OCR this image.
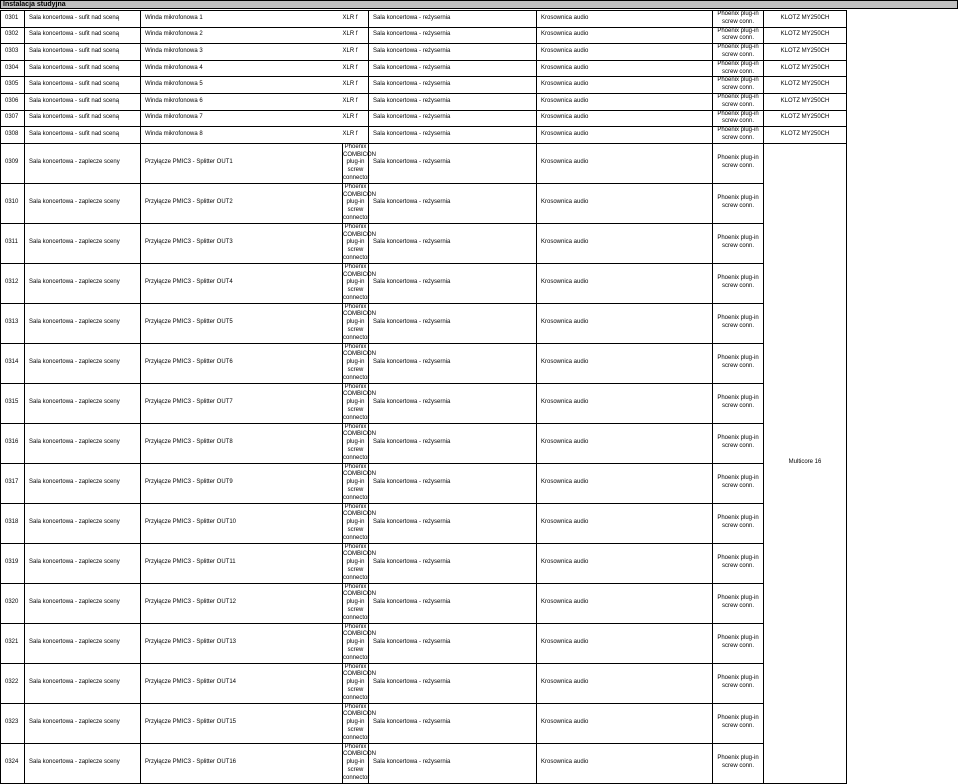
Instalacja studyjna
0301	Sala koncertowa - sufit nad sceną	Winda mikrofonowa 1		XLR f	Sala koncertowa - reżysernia	Krosownica audio	Phoenix plug-in screw conn.	KLOTZ MY250CH	
0302	Sala koncertowa - sufit nad sceną	Winda mikrofonowa 2		XLR f	Sala koncertowa - reżysernia	Krosownica audio	Phoenix plug-in screw conn.	KLOTZ MY250CH	
0303	Sala koncertowa - sufit nad sceną	Winda mikrofonowa 3		XLR f	Sala koncertowa - reżysernia	Krosownica audio	Phoenix plug-in screw conn.	KLOTZ MY250CH	
0304	Sala koncertowa - sufit nad sceną	Winda mikrofonowa 4		XLR f	Sala koncertowa - reżysernia	Krosownica audio	Phoenix plug-in screw conn.	KLOTZ MY250CH	
0305	Sala koncertowa - sufit nad sceną	Winda mikrofonowa 5		XLR f	Sala koncertowa - reżysernia	Krosownica audio	Phoenix plug-in screw conn.	KLOTZ MY250CH	
0306	Sala koncertowa - sufit nad sceną	Winda mikrofonowa 6		XLR f	Sala koncertowa - reżysernia	Krosownica audio	Phoenix plug-in screw conn.	KLOTZ MY250CH	
0307	Sala koncertowa - sufit nad sceną	Winda mikrofonowa 7		XLR f	Sala koncertowa - reżysernia	Krosownica audio	Phoenix plug-in screw conn.	KLOTZ MY250CH	
0308	Sala koncertowa - sufit nad sceną	Winda mikrofonowa 8		XLR f	Sala koncertowa - reżysernia	Krosownica audio	Phoenix plug-in screw conn.	KLOTZ MY250CH	
0309	Sala koncertowa - zaplecze sceny	Przyłącze PMIC3 - Splitter OUT1		Phoenix COMBICON plug-in screw connector	Sala koncertowa - reżysernia	Krosownica audio	Phoenix plug-in screw conn.	Multicore 16	
0310	Sala koncertowa - zaplecze sceny	Przyłącze PMIC3 - Splitter OUT2		Phoenix COMBICON plug-in screw connector	Sala koncertowa - reżysernia	Krosownica audio	Phoenix plug-in screw conn.		
0311	Sala koncertowa - zaplecze sceny	Przyłącze PMIC3 - Splitter OUT3		Phoenix COMBICON plug-in screw connector	Sala koncertowa - reżysernia	Krosownica audio	Phoenix plug-in screw conn.		
0312	Sala koncertowa - zaplecze sceny	Przyłącze PMIC3 - Splitter OUT4		Phoenix COMBICON plug-in screw connector	Sala koncertowa - reżysernia	Krosownica audio	Phoenix plug-in screw conn.		
0313	Sala koncertowa - zaplecze sceny	Przyłącze PMIC3 - Splitter OUT5		Phoenix COMBICON plug-in screw connector	Sala koncertowa - reżysernia	Krosownica audio	Phoenix plug-in screw conn.		
0314	Sala koncertowa - zaplecze sceny	Przyłącze PMIC3 - Splitter OUT6		Phoenix COMBICON plug-in screw connector	Sala koncertowa - reżysernia	Krosownica audio	Phoenix plug-in screw conn.		
0315	Sala koncertowa - zaplecze sceny	Przyłącze PMIC3 - Splitter OUT7		Phoenix COMBICON plug-in screw connector	Sala koncertowa - reżysernia	Krosownica audio	Phoenix plug-in screw conn.		
0316	Sala koncertowa - zaplecze sceny	Przyłącze PMIC3 - Splitter OUT8		Phoenix COMBICON plug-in screw connector	Sala koncertowa - reżysernia	Krosownica audio	Phoenix plug-in screw conn.		
0317	Sala koncertowa - zaplecze sceny	Przyłącze PMIC3 - Splitter OUT9		Phoenix COMBICON plug-in screw connector	Sala koncertowa - reżysernia	Krosownica audio	Phoenix plug-in screw conn.		
0318	Sala koncertowa - zaplecze sceny	Przyłącze PMIC3 - Splitter OUT10		Phoenix COMBICON plug-in screw connector	Sala koncertowa - reżysernia	Krosownica audio	Phoenix plug-in screw conn.		
0319	Sala koncertowa - zaplecze sceny	Przyłącze PMIC3 - Splitter OUT11		Phoenix COMBICON plug-in screw connector	Sala koncertowa - reżysernia	Krosownica audio	Phoenix plug-in screw conn.		
0320	Sala koncertowa - zaplecze sceny	Przyłącze PMIC3 - Splitter OUT12		Phoenix COMBICON plug-in screw connector	Sala koncertowa - reżysernia	Krosownica audio	Phoenix plug-in screw conn.		
0321	Sala koncertowa - zaplecze sceny	Przyłącze PMIC3 - Splitter OUT13		Phoenix COMBICON plug-in screw connector	Sala koncertowa - reżysernia	Krosownica audio	Phoenix plug-in screw conn.		
0322	Sala koncertowa - zaplecze sceny	Przyłącze PMIC3 - Splitter OUT14		Phoenix COMBICON plug-in screw connector	Sala koncertowa - reżysernia	Krosownica audio	Phoenix plug-in screw conn.		
0323	Sala koncertowa - zaplecze sceny	Przyłącze PMIC3 - Splitter OUT15		Phoenix COMBICON plug-in screw connector	Sala koncertowa - reżysernia	Krosownica audio	Phoenix plug-in screw conn.		
0324	Sala koncertowa - zaplecze sceny	Przyłącze PMIC3 - Splitter OUT16		Phoenix COMBICON plug-in screw connector	Sala koncertowa - reżysernia	Krosownica audio	Phoenix plug-in screw conn.		
